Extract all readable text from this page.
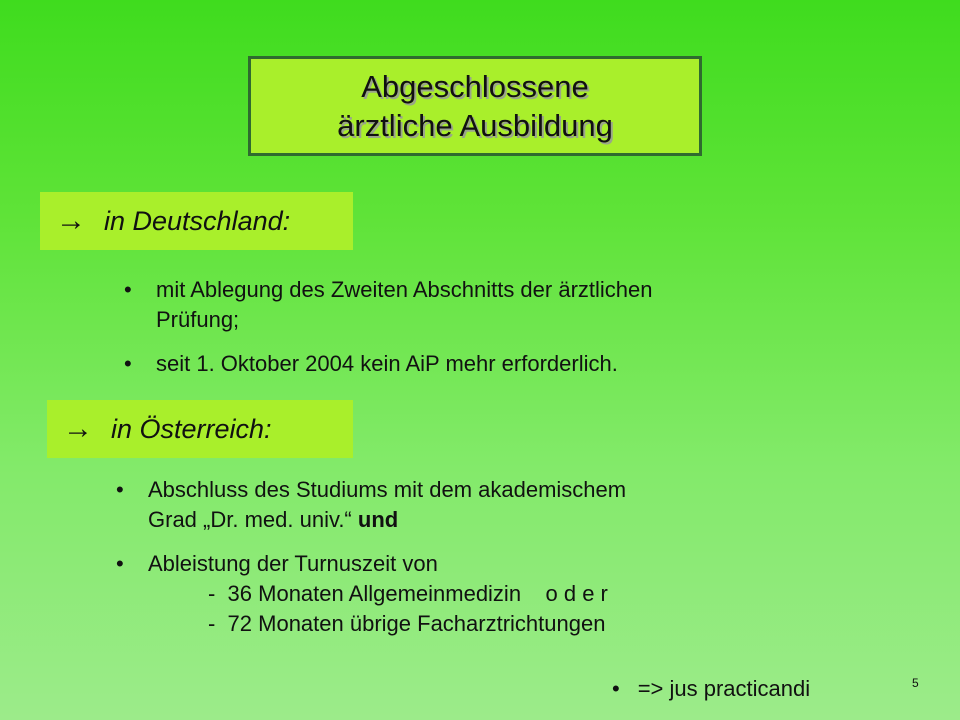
Abgeschlossene
ärztliche Ausbildung
→ in Deutschland:
• mit Ablegung des Zweiten Abschnitts der ärztlichen
Prüfung;
• seit 1. Oktober 2004 kein AiP mehr erforderlich.
→ in Österreich:
• Abschluss des Studiums mit dem akademischem
Grad „Dr. med. univ.“ und
• Ableistung der Turnuszeit von
-  36 Monaten Allgemeinmedizin    o d e r
-  72 Monaten übrige Facharztrichtungen
• => jus practicandi	5
